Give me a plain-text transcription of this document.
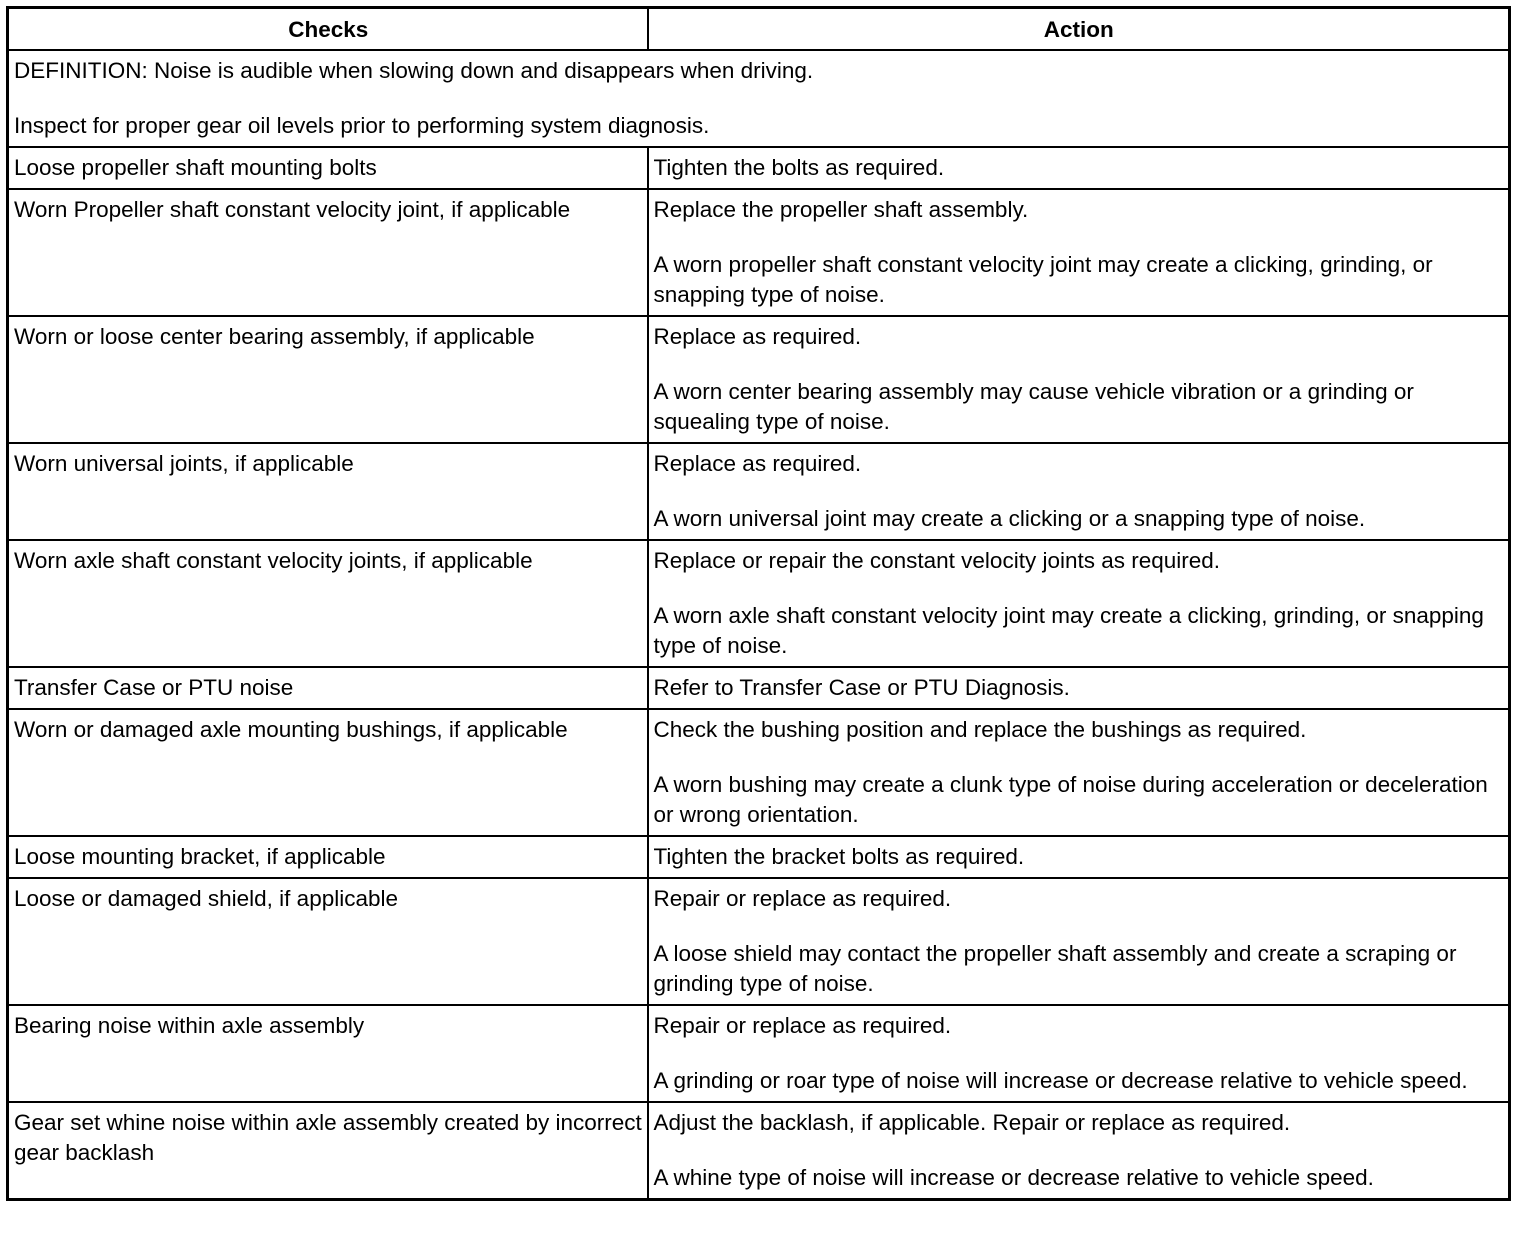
Checks	Action

DEFINITION: Noise is audible when slowing down and disappears when driving.
Inspect for proper gear oil levels prior to performing system diagnosis.	

Loose propeller shaft mounting bolts	Tighten the bolts as required.

Worn Propeller shaft constant velocity joint, if applicable	Replace the propeller shaft assembly.
A worn propeller shaft constant velocity joint may create a clicking, grinding, or snapping type of noise.

Worn or loose center bearing assembly, if applicable	Replace as required.
A worn center bearing assembly may cause vehicle vibration or a grinding or squealing type of noise.

Worn universal joints, if applicable	Replace as required.
A worn universal joint may create a clicking or a snapping type of noise.

Worn axle shaft constant velocity joints, if applicable	Replace or repair the constant velocity joints as required.
A worn axle shaft constant velocity joint may create a clicking, grinding, or snapping type of noise.

Transfer Case or PTU noise	Refer to Transfer Case or PTU Diagnosis.

Worn or damaged axle mounting bushings, if applicable	Check the bushing position and replace the bushings as required.
A worn bushing may create a clunk type of noise during acceleration or deceleration or wrong orientation.

Loose mounting bracket, if applicable	Tighten the bracket bolts as required.

Loose or damaged shield, if applicable	Repair or replace as required.
A loose shield may contact the propeller shaft assembly and create a scraping or grinding type of noise.

Bearing noise within axle assembly	Repair or replace as required.
A grinding or roar type of noise will increase or decrease relative to vehicle speed.

Gear set whine noise within axle assembly created by incorrect gear backlash	Adjust the backlash, if applicable. Repair or replace as required.
A whine type of noise will increase or decrease relative to vehicle speed.
